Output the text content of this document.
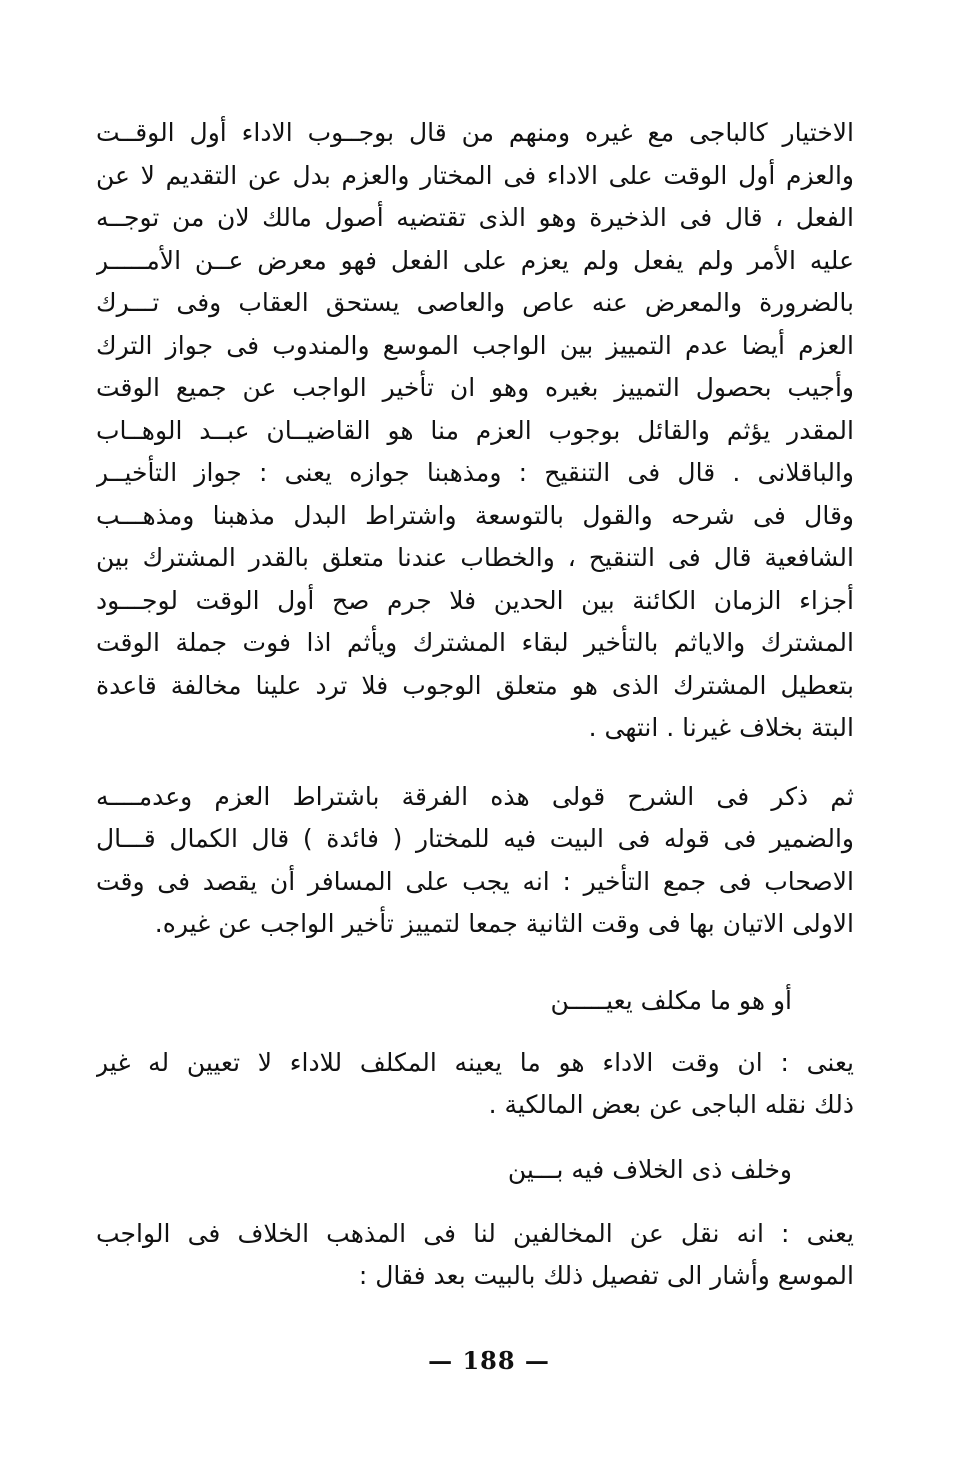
الاختيار كالباجى مع غيره ومنهم من قال بوجــوب الاداء أول الوقــت
والعزم أول الوقت على الاداء فى المختار والعزم بدل عن التقديم لا عن
الفعل ، قال فى الذخيرة وهو الذى تقتضيه أصول مالك لان من توجــه
عليه الأمر ولم يفعل ولم يعزم على الفعل فهو معرض عــن الأمـــــر
بالضرورة والمعرض عنه عاص والعاصى يستحق العقاب وفى تـــرك
العزم أيضا عدم التمييز بين الواجب الموسع والمندوب فى جواز الترك
وأجيب بحصول التمييز بغيره وهو ان تأخير الواجب عن جميع الوقت
المقدر يؤثم والقائل بوجوب العزم منا هو القاضيــان عبــد الوهــاب
والباقلانى . قال فى التنقيح : ومذهبنا جوازه يعنى : جواز التأخيــر
وقال فى شرحه والقول بالتوسعة واشتراط البدل مذهبنا ومذهـــب
الشافعية قال فى التنقيح ، والخطاب عندنا متعلق بالقدر المشترك بين
أجزاء الزمان الكائنة بين الحدين فلا جرم صح أول الوقت لوجـــود
المشترك والاياثم بالتأخير لبقاء المشترك ويأثم اذا فوت جملة الوقت
بتعطيل المشترك الذى هو متعلق الوجوب فلا ترد علينا مخالفة قاعدة
البتة بخلاف غيرنا . انتهى .
ثم ذكر فى الشرح قولى هذه الفرقة باشتراط العزم وعدمــــه
والضمير فى قوله فى البيت فيه للمختار ( فائدة ) قال الكمال قـــال
الاصحاب فى جمع التأخير : انه يجب على المسافر أن يقصد فى وقت
الاولى الاتيان بها فى وقت الثانية جمعا لتمييز تأخير الواجب عن غيره.
أو هو ما مكلف يعيـــــن
يعنى : ان وقت الاداء هو ما يعينه المكلف للاداء لا تعيين له غير
ذلك نقله الباجى عن بعض المالكية .
وخلف ذى الخلاف فيه بـــين
يعنى : انه نقل عن المخالفين لنا فى المذهب الخلاف فى الواجب
الموسع وأشار الى تفصيل ذلك بالبيت بعد فقال :
— 188 —
